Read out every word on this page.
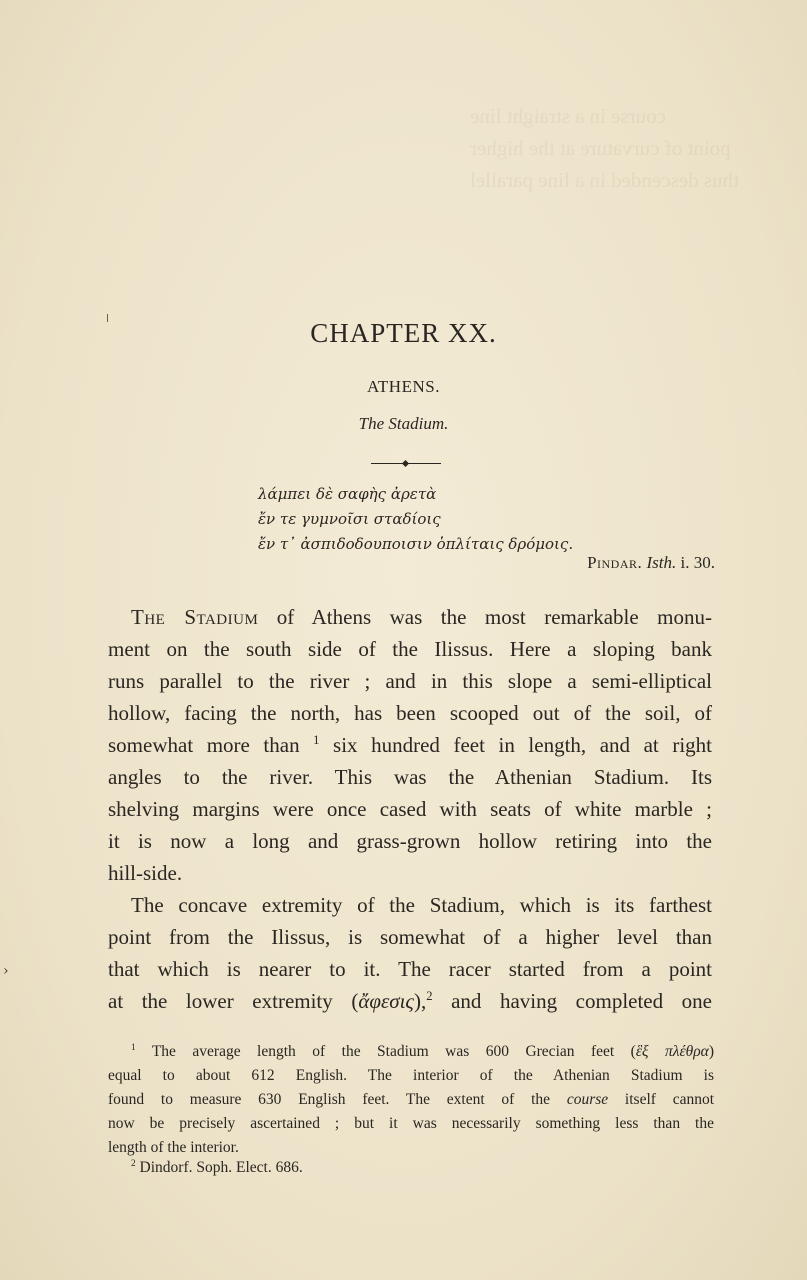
course in a straight line
point of curvature at the higher
thus descended in a line parallel
CHAPTER XX.
ATHENS.
The Stadium.
λάμπει δὲ σαφὴς ἀρετὰ
ἔν τε γυμνοῖσι σταδίοις
ἔν τ᾽ ἀσπιδοδουποισιν ὁπλίταις δρόμοις.
Pindar. Isth. i. 30.
The Stadium of Athens was the most remarkable monu-
ment on the south side of the Ilissus. Here a sloping bank
runs parallel to the river ; and in this slope a semi-elliptical
hollow, facing the north, has been scooped out of the soil, of
somewhat more than $^1$ six hundred feet in length, and at right
angles to the river. This was the Athenian Stadium. Its
shelving margins were once cased with seats of white marble ;
it is now a long and grass-grown hollow retiring into the
hill-side.
The concave extremity of the Stadium, which is its farthest
point from the Ilissus, is somewhat of a higher level than
that which is nearer to it. The racer started from a point
at the lower extremity (ἄφεσις),$^2$ and having completed one
$^1$ The average length of the Stadium was 600 Grecian feet (ἓξ πλέθρα)
equal to about 612 English. The interior of the Athenian Stadium is
found to measure 630 English feet. The extent of the course itself cannot
now be precisely ascertained ; but it was necessarily something less than the
length of the interior.
$^2$ Dindorf. Soph. Elect. 686.
›
